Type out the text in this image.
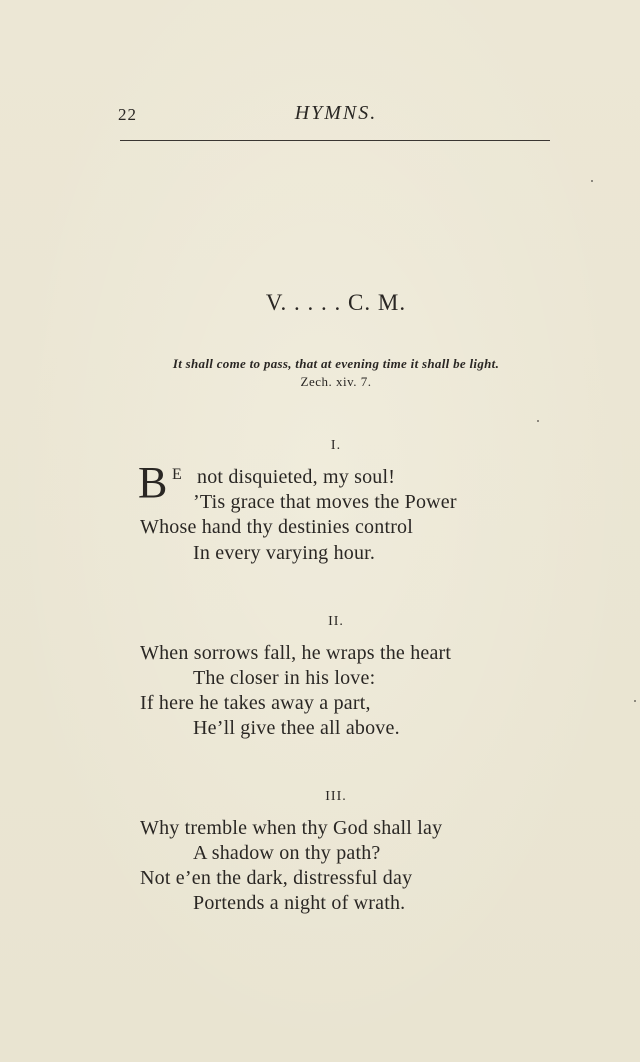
22	HYMNS.
V. . . . . C. M.
It shall come to pass, that at evening time it shall be light.
Zech. xiv. 7.
I.
B E not disquieted, my soul!
’Tis grace that moves the Power
Whose hand thy destinies control
In every varying hour.
II.
When sorrows fall, he wraps the heart
The closer in his love:
If here he takes away a part,
He’ll give thee all above.
III.
Why tremble when thy God shall lay
A shadow on thy path?
Not e’en the dark, distressful day
Portends a night of wrath.
